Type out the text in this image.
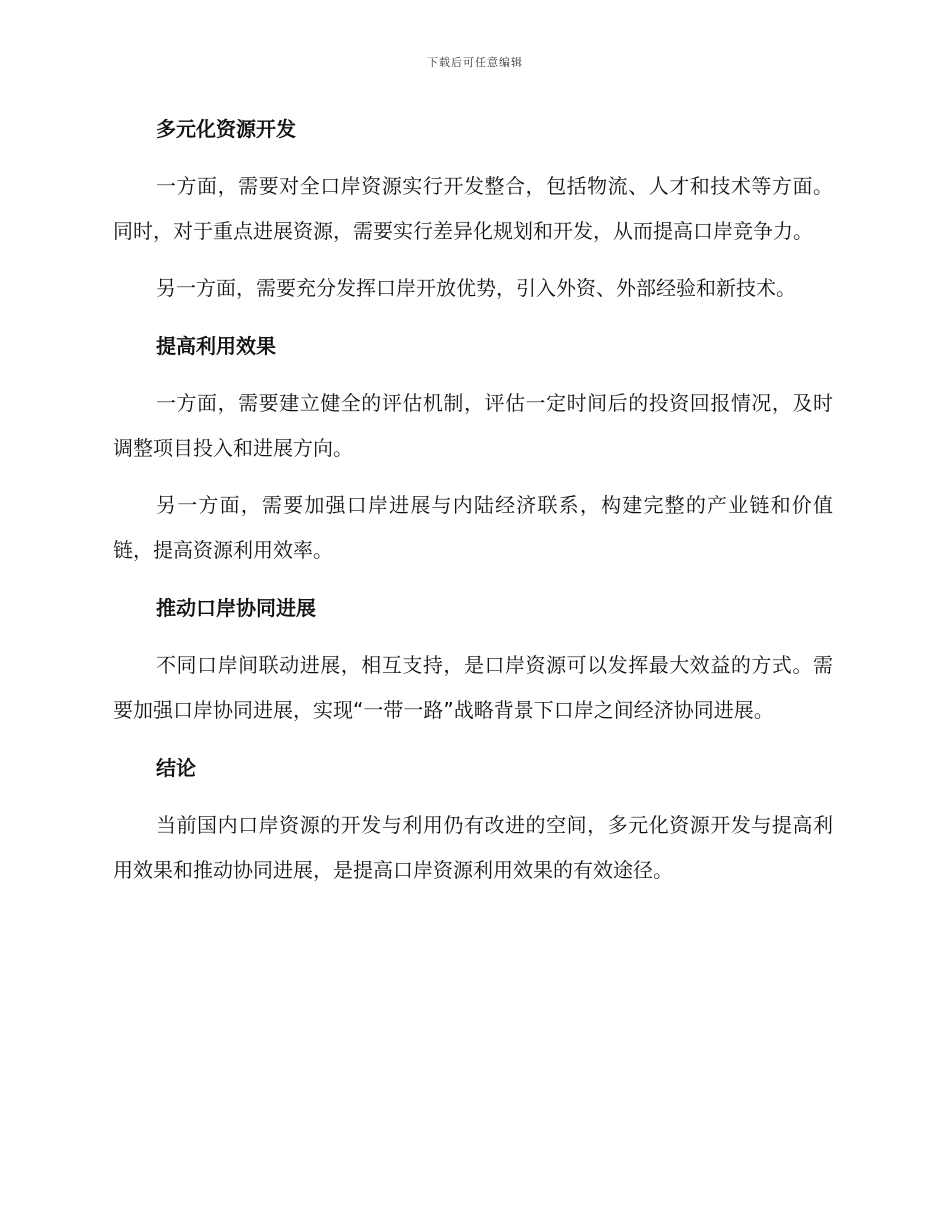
下载后可任意编辑
多元化资源开发

一方面，需要对全口岸资源实行开发整合，包括物流、人才和技术等方面。同时，对于重点进展资源，需要实行差异化规划和开发，从而提高口岸竞争力。

另一方面，需要充分发挥口岸开放优势，引入外资、外部经验和新技术。

提高利用效果

一方面，需要建立健全的评估机制，评估一定时间后的投资回报情况，及时调整项目投入和进展方向。

另一方面，需要加强口岸进展与内陆经济联系，构建完整的产业链和价值链，提高资源利用效率。

推动口岸协同进展

不同口岸间联动进展，相互支持，是口岸资源可以发挥最大效益的方式。需要加强口岸协同进展，实现“一带一路”战略背景下口岸之间经济协同进展。

结论

当前国内口岸资源的开发与利用仍有改进的空间，多元化资源开发与提高利用效果和推动协同进展，是提高口岸资源利用效果的有效途径。
